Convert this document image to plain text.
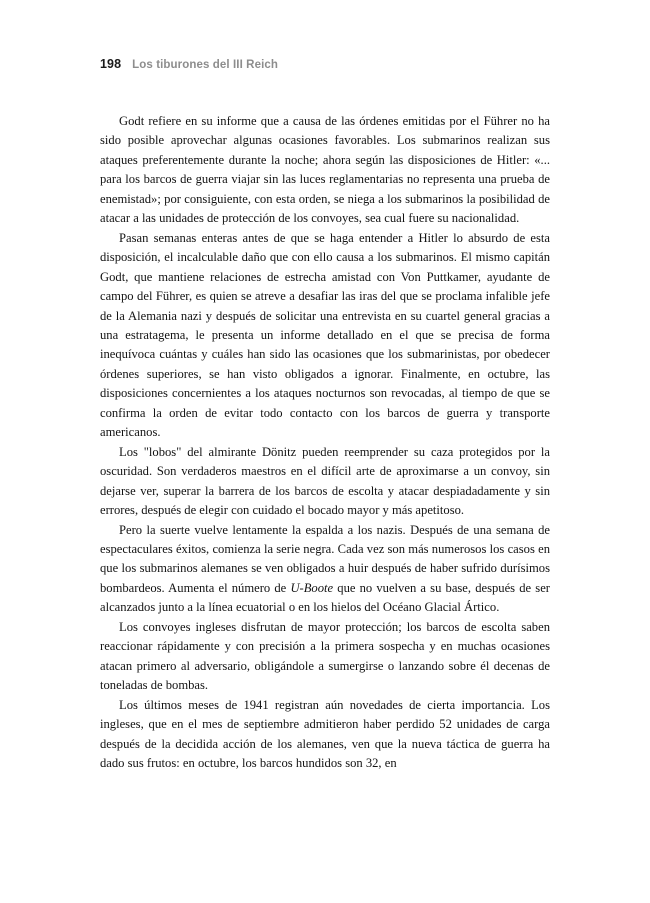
198 Los tiburones del III Reich

Godt refiere en su informe que a causa de las órdenes emitidas por el Führer no ha sido posible aprovechar algunas ocasiones favorables. Los submarinos realizan sus ataques preferentemente durante la noche; ahora según las disposiciones de Hitler: «... para los barcos de guerra viajar sin las luces reglamentarias no representa una prueba de enemistad»; por consiguiente, con esta orden, se niega a los submarinos la posibilidad de atacar a las unidades de protección de los convoyes, sea cual fuere su nacionalidad.

Pasan semanas enteras antes de que se haga entender a Hitler lo absurdo de esta disposición, el incalculable daño que con ello causa a los submarinos. El mismo capitán Godt, que mantiene relaciones de estrecha amistad con Von Puttkamer, ayudante de campo del Führer, es quien se atreve a desafiar las iras del que se proclama infalible jefe de la Alemania nazi y después de solicitar una entrevista en su cuartel general gracias a una estratagema, le presenta un informe detallado en el que se precisa de forma inequívoca cuántas y cuáles han sido las ocasiones que los submarinistas, por obedecer órdenes superiores, se han visto obligados a ignorar. Finalmente, en octubre, las disposiciones concernientes a los ataques nocturnos son revocadas, al tiempo de que se confirma la orden de evitar todo contacto con los barcos de guerra y transporte americanos.

Los "lobos" del almirante Dönitz pueden reemprender su caza protegidos por la oscuridad. Son verdaderos maestros en el difícil arte de aproximarse a un convoy, sin dejarse ver, superar la barrera de los barcos de escolta y atacar despiadadamente y sin errores, después de elegir con cuidado el bocado mayor y más apetitoso.

Pero la suerte vuelve lentamente la espalda a los nazis. Después de una semana de espectaculares éxitos, comienza la serie negra. Cada vez son más numerosos los casos en que los submarinos alemanes se ven obligados a huir después de haber sufrido durísimos bombardeos. Aumenta el número de U-Boote que no vuelven a su base, después de ser alcanzados junto a la línea ecuatorial o en los hielos del Océano Glacial Ártico.

Los convoyes ingleses disfrutan de mayor protección; los barcos de escolta saben reaccionar rápidamente y con precisión a la primera sospecha y en muchas ocasiones atacan primero al adversario, obligándole a sumergirse o lanzando sobre él decenas de toneladas de bombas.

Los últimos meses de 1941 registran aún novedades de cierta importancia. Los ingleses, que en el mes de septiembre admitieron haber perdido 52 unidades de carga después de la decidida acción de los alemanes, ven que la nueva táctica de guerra ha dado sus frutos: en octubre, los barcos hundidos son 32, en
